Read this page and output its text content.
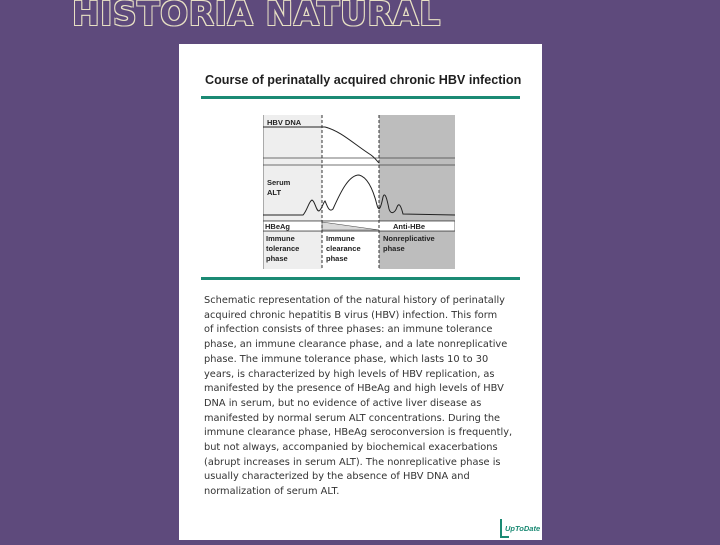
HISTORIA NATURAL
Course of perinatally acquired chronic HBV infection
HBV DNA
Serum
ALT
HBeAg	Anti-HBe
Immune
tolerance
phase
Immune
clearance
phase
Nonreplicative
phase
Schematic representation of the natural history of perinatally
acquired chronic hepatitis B virus (HBV) infection. This form
of infection consists of three phases: an immune tolerance
phase, an immune clearance phase, and a late nonreplicative
phase. The immune tolerance phase, which lasts 10 to 30
years, is characterized by high levels of HBV replication, as
manifested by the presence of HBeAg and high levels of HBV
DNA in serum, but no evidence of active liver disease as
manifested by normal serum ALT concentrations. During the
immune clearance phase, HBeAg seroconversion is frequently,
but not always, accompanied by biochemical exacerbations
(abrupt increases in serum ALT). The nonreplicative phase is
usually characterized by the absence of HBV DNA and
normalization of serum ALT.
UpToDate
